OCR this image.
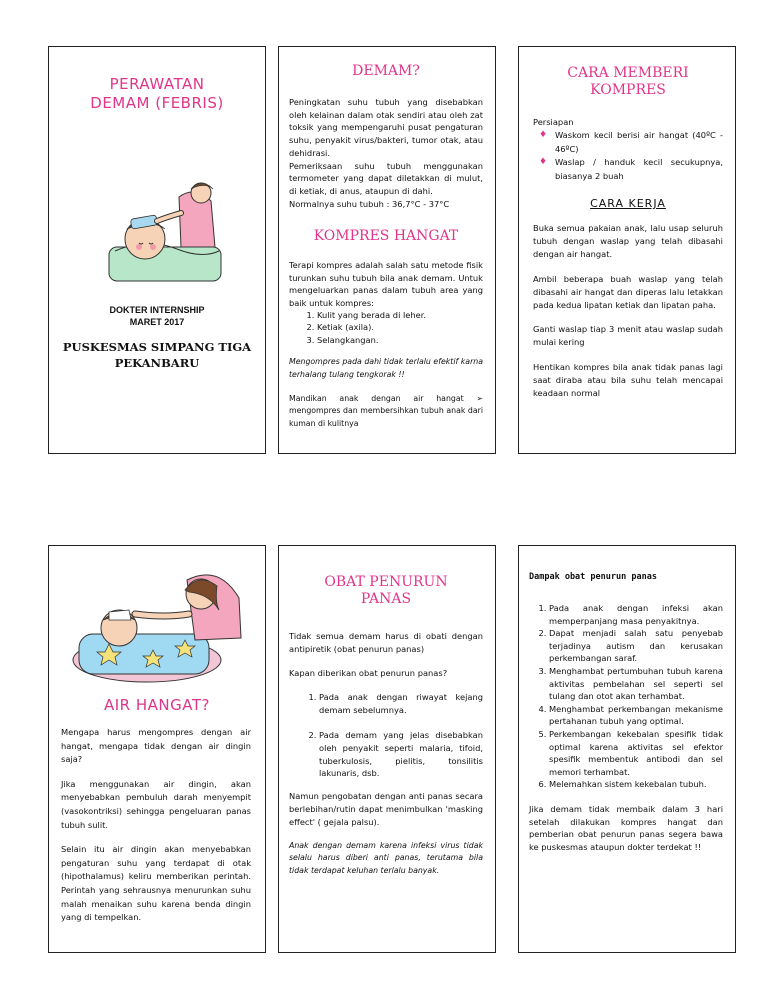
PERAWATAN
DEMAM (FEBRIS)
DOKTER INTERNSHIP
MARET 2017
PUSKESMAS SIMPANG TIGA
PEKANBARU
DEMAM?
Peningkatan suhu tubuh yang disebabkan oleh kelainan dalam otak sendiri atau oleh zat toksik yang mempengaruhi pusat pengaturan suhu, penyakit virus/bakteri, tumor otak, atau dehidrasi.
Pemeriksaan suhu tubuh menggunakan termometer yang dapat diletakkan di mulut, di ketiak, di anus, ataupun di dahi.
Normalnya suhu tubuh : 36,7°C - 37°C
KOMPRES HANGAT
Terapi kompres adalah salah satu metode fisik turunkan suhu tubuh bila anak demam. Untuk mengeluarkan panas dalam tubuh area yang baik untuk kompres:
1. Kulit yang berada di leher.
2. Ketiak (axila).
3. Selangkangan.
Mengompres pada dahi tidak terlalu efektif karna terhalang tulang tengkorak !!
Mandikan anak dengan air hangat ➢ mengompres dan membersihkan tubuh anak dari kuman di kulitnya
CARA MEMBERI
KOMPRES
Persiapan
♦ Waskom kecil berisi air hangat (40ºC - 46ºC)
♦ Waslap / handuk kecil secukupnya, biasanya 2 buah
CARA KERJA

Buka semua pakaian anak, lalu usap seluruh tubuh dengan waslap yang telah dibasahi dengan air hangat.

Ambil beberapa buah waslap yang telah dibasahi air hangat dan diperas lalu letakkan pada kedua lipatan ketiak dan lipatan paha.

Ganti waslap tiap 3 menit atau waslap sudah mulai kering

Hentikan kompres bila anak tidak panas lagi saat diraba atau bila suhu telah mencapai keadaan normal

AIR HANGAT?

Mengapa harus mengompres dengan air hangat, mengapa tidak dengan air dingin saja?

Jika menggunakan air dingin, akan menyebabkan pembuluh darah menyempit (vasokontriksi) sehingga pengeluaran panas tubuh sulit.

Selain itu air dingin akan menyebabkan pengaturan suhu yang terdapat di otak (hipothalamus) keliru memberikan perintah. Perintah yang sehrausnya menurunkan suhu malah menaikan suhu karena benda dingin yang di tempelkan.

OBAT PENURUN
PANAS

Tidak semua demam harus di obati dengan antipiretik (obat penurun panas)

Kapan diberikan obat penurun panas?

1. Pada anak dengan riwayat kejang demam sebelumnya.
2. Pada demam yang jelas disebabkan oleh penyakit seperti malaria, tifoid, tuberkulosis, pielitis, tonsilitis lakunaris, dsb.

Namun pengobatan dengan anti panas secara berlebihan/rutin dapat menimbulkan 'masking effect' ( gejala palsu).

Anak dengan demam karena infeksi virus tidak selalu harus diberi anti panas, terutama bila tidak terdapat keluhan terlalu banyak.

Dampak obat penurun panas
1. Pada anak dengan infeksi akan memperpanjang masa penyakitnya.
2. Dapat menjadi salah satu penyebab terjadinya autism dan kerusakan perkembangan saraf.
3. Menghambat pertumbuhan tubuh karena aktivitas pembelahan sel seperti sel tulang dan otot akan terhambat.
4. Menghambat perkembangan mekanisme pertahanan tubuh yang optimal.
5. Perkembangan kekebalan spesifik tidak optimal karena aktivitas sel efektor spesifik membentuk antibodi dan sel memori terhambat.
6. Melemahkan sistem kekebalan tubuh.

Jika demam tidak membaik dalam 3 hari setelah dilakukan kompres hangat dan pemberian obat penurun panas segera bawa ke puskesmas ataupun dokter terdekat !!
